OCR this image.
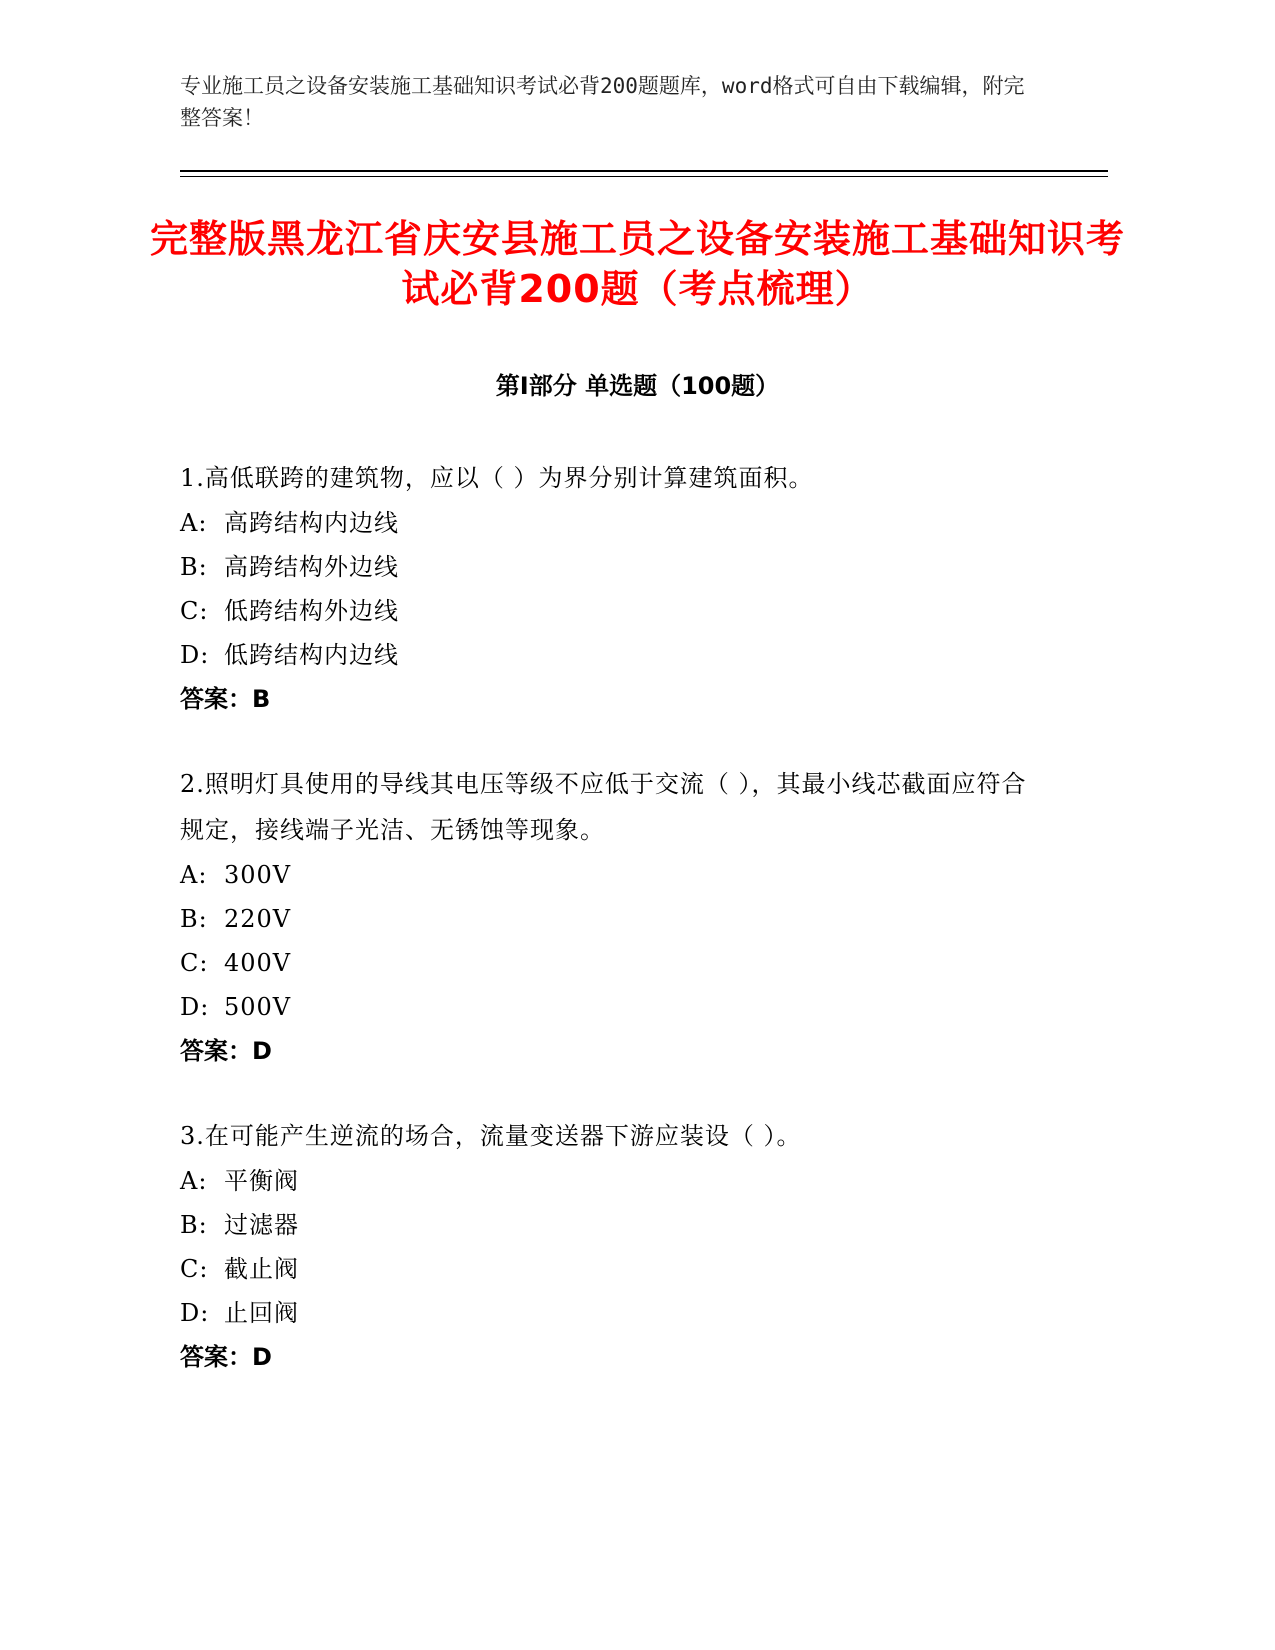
专业施工员之设备安装施工基础知识考试必背200题题库，word格式可自由下载编辑，附完整答案！
完整版黑龙江省庆安县施工员之设备安装施工基础知识考试必背200题（考点梳理）
第I部分 单选题（100题）
1.高低联跨的建筑物，应以（ ）为界分别计算建筑面积。
A: 高跨结构内边线
B: 高跨结构外边线
C: 低跨结构外边线
D: 低跨结构内边线
答案：B
2.照明灯具使用的导线其电压等级不应低于交流（ ），其最小线芯截面应符合规定，接线端子光洁、无锈蚀等现象。
A: 300V
B: 220V
C: 400V
D: 500V
答案：D
3.在可能产生逆流的场合，流量变送器下游应装设（ ）。
A: 平衡阀
B: 过滤器
C: 截止阀
D: 止回阀
答案：D
